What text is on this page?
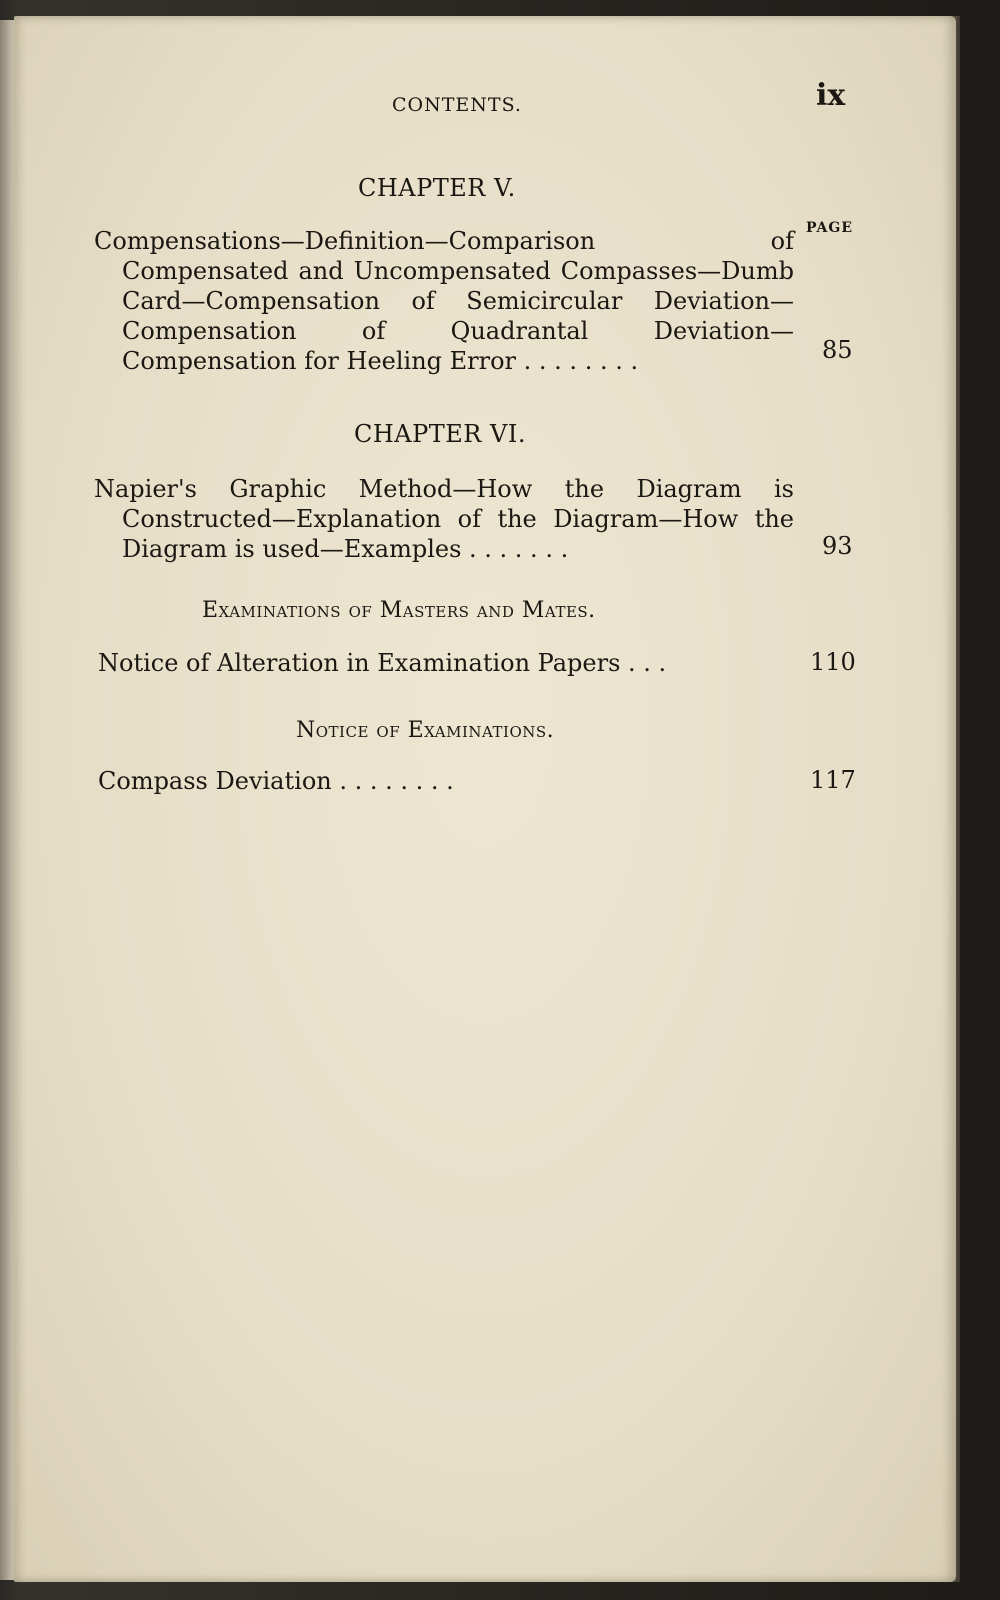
CONTENTS.	ix
CHAPTER V.
PAGE
Compensations—Definition—Comparison of Compensated and Uncompensated Compasses—Dumb Card—Compensation of Semicircular Deviation—Compensation of Quadrantal Deviation—Compensation for Heeling Error . . . . . . . .	85
CHAPTER VI.
Napier's Graphic Method—How the Diagram is Constructed—Explanation of the Diagram—How the Diagram is used—Examples . . . . . . .	93
Examinations of Masters and Mates.
Notice of Alteration in Examination Papers . . .	110
Notice of Examinations.
Compass Deviation . . . . . . . .	117
